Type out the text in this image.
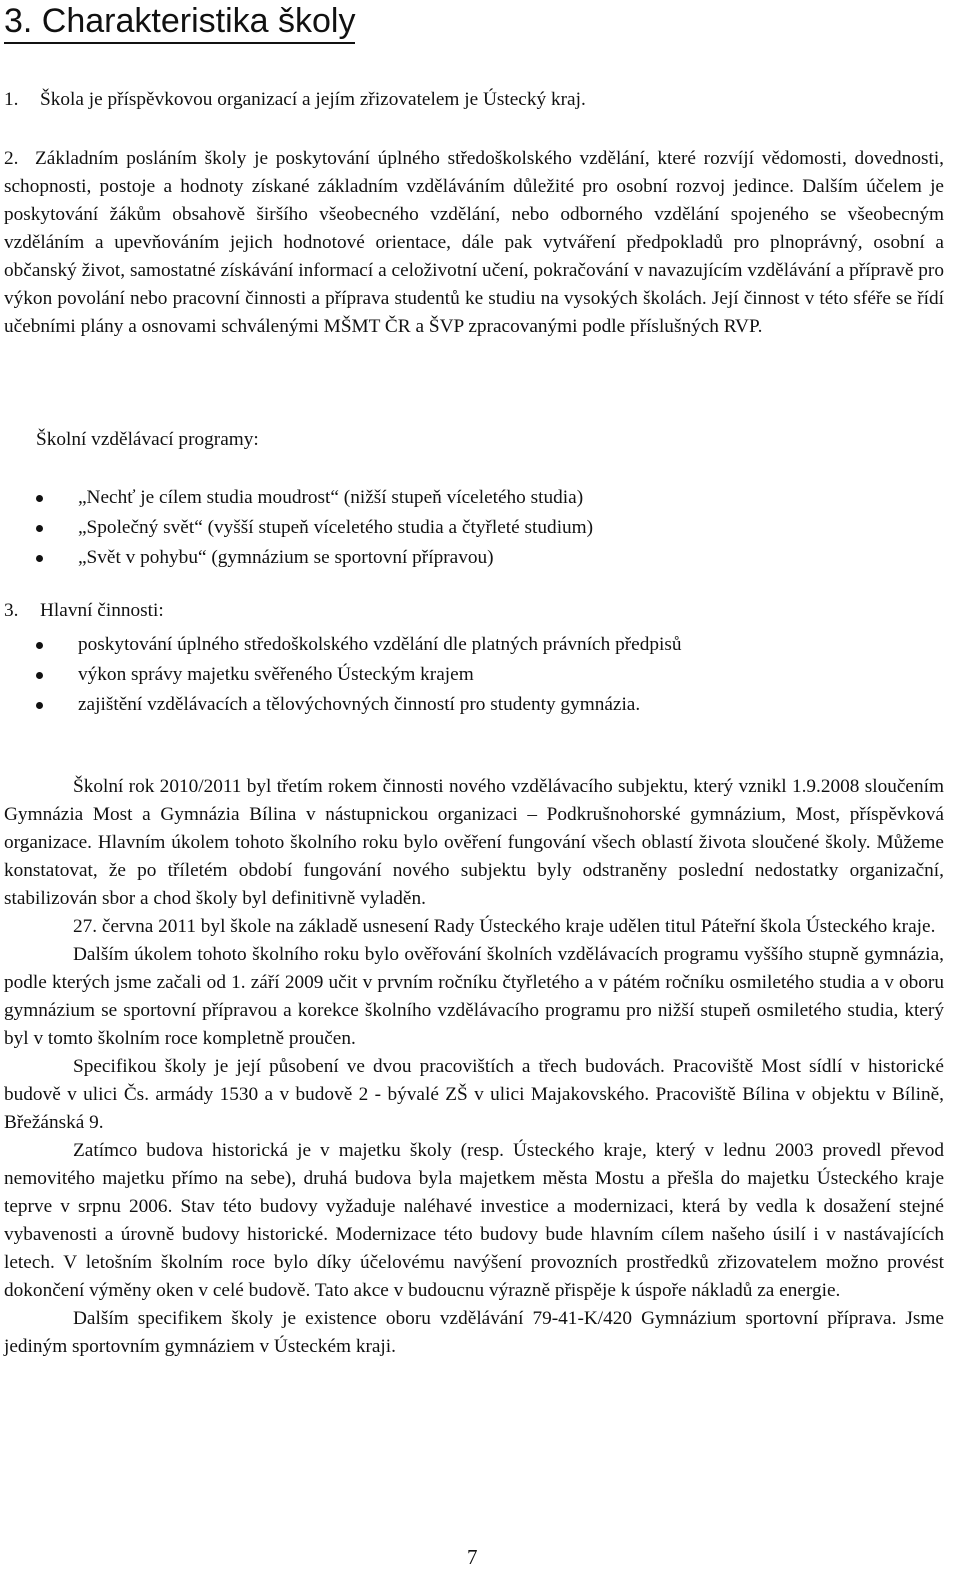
3. Charakteristika školy
1. Škola je příspěvkovou organizací a jejím zřizovatelem je Ústecký kraj.
2. Základním posláním školy je poskytování úplného středoškolského vzdělání, které rozvíjí vědomosti, dovednosti, schopnosti, postoje a hodnoty získané základním vzděláváním důležité pro osobní rozvoj jedince. Dalším účelem je poskytování žákům obsahově širšího všeobecného vzdělání, nebo odborného vzdělání spojeného se všeobecným vzděláním a upevňováním jejich hodnotové orientace, dále pak vytváření předpokladů pro plnoprávný, osobní a občanský život, samostatné získávání informací a celoživotní učení, pokračování v navazujícím vzdělávání a přípravě pro výkon povolání nebo pracovní činnosti a příprava studentů ke studiu na vysokých školách. Její činnost v této sféře se řídí učebními plány a osnovami schválenými MŠMT ČR a ŠVP zpracovanými podle příslušných RVP.
Školní vzdělávací programy:
„Nechť je cílem studia moudrost“ (nižší stupeň víceletého studia)
„Společný svět“ (vyšší stupeň víceletého studia a čtyřleté studium)
„Svět v pohybu“ (gymnázium se sportovní přípravou)
3. Hlavní činnosti:
poskytování úplného středoškolského vzdělání dle platných právních předpisů
výkon správy majetku svěřeného Ústeckým krajem
zajištění vzdělávacích a tělovýchovných činností pro studenty gymnázia.

Školní rok 2010/2011 byl třetím rokem činnosti nového vzdělávacího subjektu, který vznikl 1.9.2008 sloučením Gymnázia Most a Gymnázia Bílina v nástupnickou organizaci – Podkrušnohorské gymnázium, Most, příspěvková organizace. Hlavním úkolem tohoto školního roku bylo ověření fungování všech oblastí života sloučené školy. Můžeme konstatovat, že po tříletém období fungování nového subjektu byly odstraněny poslední nedostatky organizační, stabilizován sbor a chod školy byl definitivně vyladěn.

27. června 2011 byl škole na základě usnesení Rady Ústeckého kraje udělen titul Páteřní škola Ústeckého kraje.

Dalším úkolem tohoto školního roku bylo ověřování školních vzdělávacích programu vyššího stupně gymnázia, podle kterých jsme začali od 1. září 2009 učit v prvním ročníku čtyřletého a v pátém ročníku osmiletého studia a v oboru gymnázium se sportovní přípravou a korekce školního vzdělávacího programu pro nižší stupeň osmiletého studia, který byl v tomto školním roce kompletně proučen.

Specifikou školy je její působení ve dvou pracovištích a třech budovách. Pracoviště Most sídlí v historické budově v ulici Čs. armády 1530 a v budově 2 - bývalé ZŠ v ulici Majakovského. Pracoviště Bílina v objektu v Bílině, Břežánská 9.

Zatímco budova historická je v majetku školy (resp. Ústeckého kraje, který v lednu 2003 provedl převod nemovitého majetku přímo na sebe), druhá budova byla majetkem města Mostu a přešla do majetku Ústeckého kraje teprve v srpnu 2006. Stav této budovy vyžaduje naléhavé investice a modernizaci, která by vedla k dosažení stejné vybavenosti a úrovně budovy historické. Modernizace této budovy bude hlavním cílem našeho úsilí i v nastávajících letech. V letošním školním roce bylo díky účelovému navýšení provozních prostředků zřizovatelem možno provést dokončení výměny oken v celé budově. Tato akce v budoucnu výrazně přispěje k úspoře nákladů za energie.

Dalším specifikem školy je existence oboru vzdělávání 79-41-K/420 Gymnázium sportovní příprava. Jsme jediným sportovním gymnáziem v Ústeckém kraji.

7
